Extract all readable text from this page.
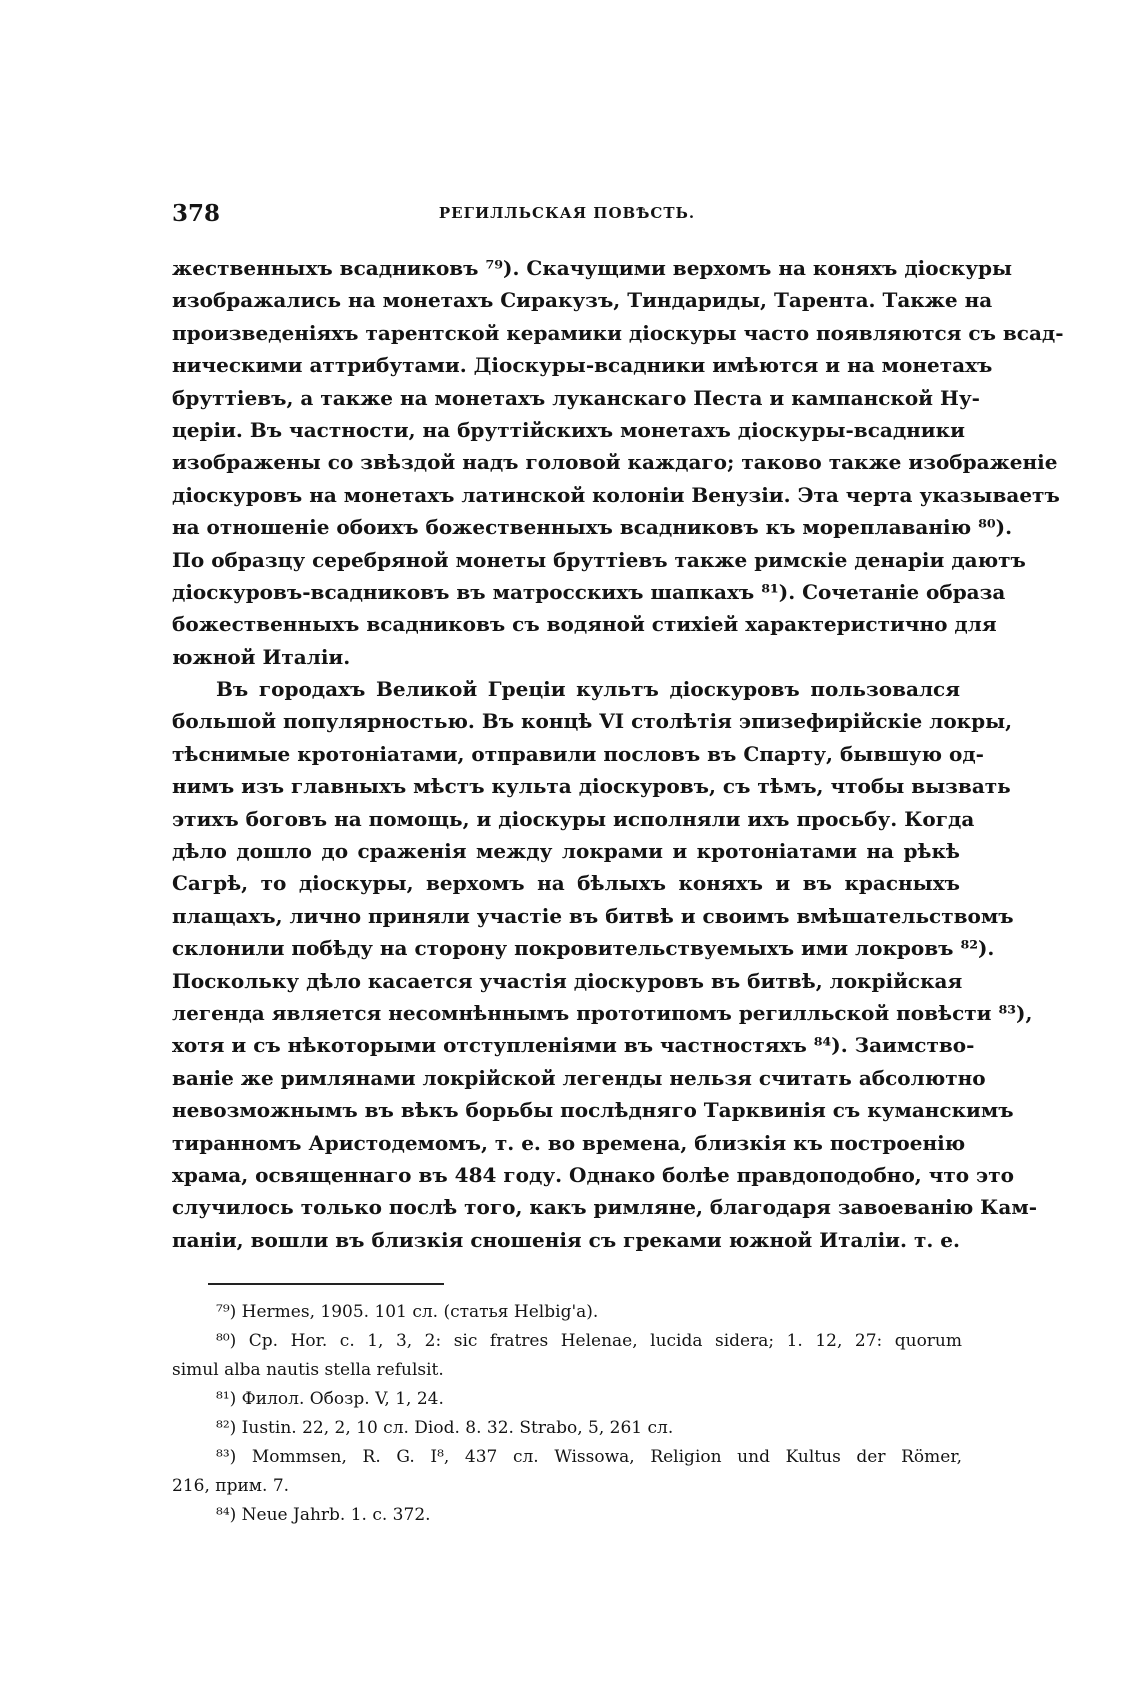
378	РЕГИЛЛЬСКАЯ ПОВѢСТЬ.
жественныхъ всадниковъ ⁷⁹). Скачущими верхомъ на коняхъ діоскуры
изображались на монетахъ Сиракузъ, Тиндариды, Тарента. Также на
произведеніяхъ тарентской керамики діоскуры часто появляются съ всад-
ническими аттрибутами. Діоскуры-всадники имѣются и на монетахъ
бруттіевъ, а также на монетахъ луканскаго Песта и кампанской Ну-
церіи. Въ частности, на бруттійскихъ монетахъ діоскуры-всадники
изображены со звѣздой надъ головой каждаго; таково также изображеніе
діоскуровъ на монетахъ латинской колоніи Венузіи. Эта черта указываетъ
на отношеніе обоихъ божественныхъ всадниковъ къ мореплаванію ⁸⁰).
По образцу серебряной монеты бруттіевъ также римскіе денаріи даютъ
діоскуровъ-всадниковъ въ матросскихъ шапкахъ ⁸¹). Сочетаніе образа
божественныхъ всадниковъ съ водяной стихіей характеристично для
южной Италіи.
Въ городахъ Великой Греціи культъ діоскуровъ пользовался
большой популярностью. Въ концѣ VI столѣтія эпизефирійскіе локры,
тѣснимые кротоніатами, отправили пословъ въ Спарту, бывшую од-
нимъ изъ главныхъ мѣстъ культа діоскуровъ, съ тѣмъ, чтобы вызвать
этихъ боговъ на помощь, и діоскуры исполняли ихъ просьбу. Когда
дѣло дошло до сраженія между локрами и кротоніатами на рѣкѣ
Сагрѣ, то діоскуры, верхомъ на бѣлыхъ коняхъ и въ красныхъ
плащахъ, лично приняли участіе въ битвѣ и своимъ вмѣшательствомъ
склонили побѣду на сторону покровительствуемыхъ ими локровъ ⁸²).
Поскольку дѣло касается участія діоскуровъ въ битвѣ, локрійская
легенда является несомнѣннымъ прототипомъ регилльской повѣсти ⁸³),
хотя и съ нѣкоторыми отступленіями въ частностяхъ ⁸⁴). Заимство-
ваніе же римлянами локрійской легенды нельзя считать абсолютно
невозможнымъ въ вѣкъ борьбы послѣдняго Тарквинія съ куманскимъ
тиранномъ Аристодемомъ, т. е. во времена, близкія къ построенію
храма, освященнаго въ 484 году. Однако болѣе правдоподобно, что это
случилось только послѣ того, какъ римляне, благодаря завоеванію Кам-
паніи, вошли въ близкія сношенія съ греками южной Италіи. т. е.
⁷⁹) Hermes, 1905. 101 сл. (статья Helbig'а).
⁸⁰) Ср. Hor. c. 1, 3, 2: sic fratres Helenae, lucida sidera; 1. 12, 27: quorum
simul alba nautis stella refulsit.
⁸¹) Филол. Обозр. V, 1, 24.
⁸²) Iustin. 22, 2, 10 сл. Diod. 8. 32. Strabo, 5, 261 сл.
⁸³) Mommsen, R. G. I⁸, 437 сл. Wissowa, Religion und Kultus der Römer,
216, прим. 7.
⁸⁴) Neue Jahrb. 1. c. 372.
